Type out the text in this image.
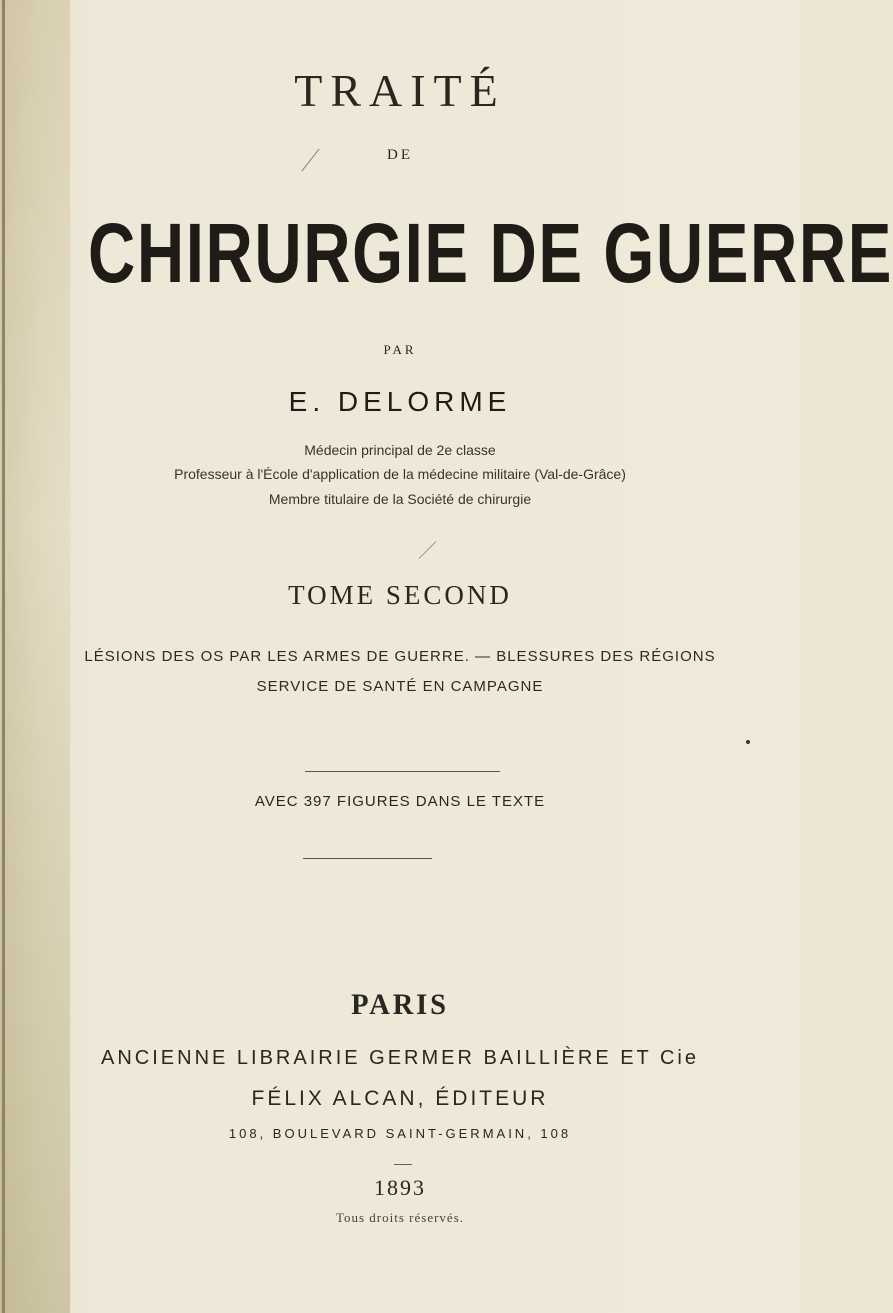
TRAITÉ
DE
CHIRURGIE DE GUERRE
PAR
E. DELORME
Médecin principal de 2e classe
Professeur à l'École d'application de la médecine militaire (Val-de-Grâce)
Membre titulaire de la Société de chirurgie
TOME SECOND
LÉSIONS DES OS PAR LES ARMES DE GUERRE. — BLESSURES DES RÉGIONS
SERVICE DE SANTÉ EN CAMPAGNE
AVEC 397 FIGURES DANS LE TEXTE
PARIS
ANCIENNE LIBRAIRIE GERMER BAILLIÈRE ET Cie
FÉLIX ALCAN, ÉDITEUR
108, BOULEVARD SAINT-GERMAIN, 108
1893
Tous droits réservés.
